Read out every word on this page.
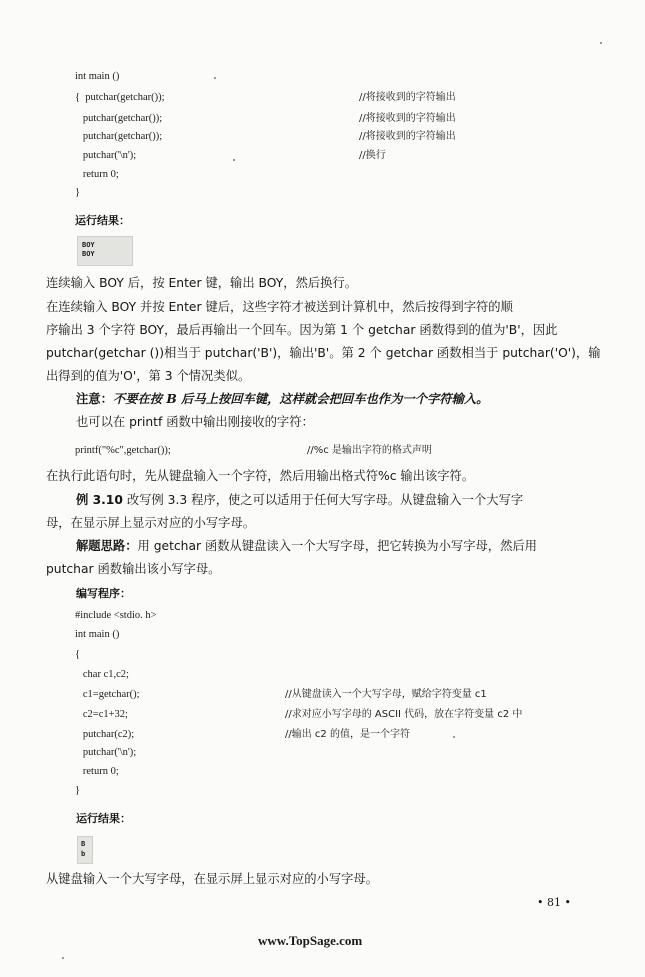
int main ()
{  putchar(getchar());
putchar(getchar());
putchar(getchar());
putchar('\n');
return 0;
}
//将接收到的字符输出
//将接收到的字符输出
//将接收到的字符输出
//换行
运行结果：
BOY
BOY
连续输入 BOY 后，按 Enter 键，输出 BOY，然后换行。
在连续输入 BOY 并按 Enter 键后，这些字符才被送到计算机中，然后按得到字符的顺
序输出 3 个字符 BOY，最后再输出一个回车。因为第 1 个 getchar 函数得到的值为'B'，因此
putchar(getchar ())相当于 putchar('B')，输出'B'。第 2 个 getchar 函数相当于 putchar('O')，输
出得到的值为'O'，第 3 个情况类似。
注意：不要在按 B 后马上按回车键，这样就会把回车也作为一个字符输入。
也可以在 printf 函数中输出刚接收的字符：
printf("%c",getchar());	//%c 是输出字符的格式声明
在执行此语句时，先从键盘输入一个字符，然后用输出格式符%c 输出该字符。
例 3.10 改写例 3.3 程序，使之可以适用于任何大写字母。从键盘输入一个大写字
母，在显示屏上显示对应的小写字母。
解题思路：用 getchar 函数从键盘读入一个大写字母，把它转换为小写字母，然后用
putchar 函数输出该小写字母。
编写程序：
#include <stdio. h>
int main ()
{
char c1,c2;
c1=getchar();
c2=c1+32;
putchar(c2);
putchar('\n');
return 0;
}
//从键盘读入一个大写字母，赋给字符变量 c1
//求对应小写字母的 ASCII 代码，放在字符变量 c2 中
//输出 c2 的值，是一个字符
运行结果：
B
b
从键盘输入一个大写字母，在显示屏上显示对应的小写字母。
• 81 •
www.TopSage.com
